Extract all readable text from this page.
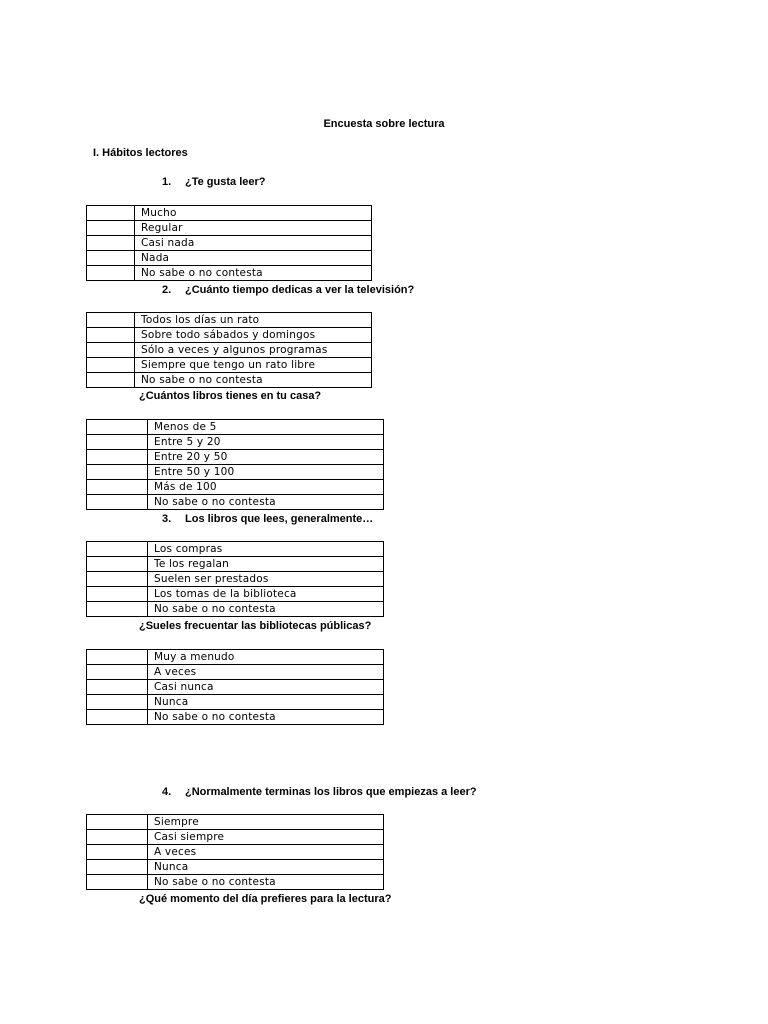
Encuesta sobre lectura
I. Hábitos lectores
1. ¿Te gusta leer?
	Mucho
	Regular
	Casi nada
	Nada
	No sabe o no contesta
2. ¿Cuánto tiempo dedicas a ver la televisión?
	Todos los días un rato
	Sobre todo sábados y domingos
	Sólo a veces y algunos programas
	Siempre que tengo un rato libre
	No sabe o no contesta
¿Cuántos libros tienes en tu casa?
	Menos de 5
	Entre 5 y 20
	Entre 20 y 50
	Entre 50 y 100
	Más de 100
	No sabe o no contesta
3. Los libros que lees, generalmente…
	Los compras
	Te los regalan
	Suelen ser prestados
	Los tomas de la biblioteca
	No sabe o no contesta
¿Sueles frecuentar las bibliotecas públicas?
	Muy a menudo
	A veces
	Casi nunca
	Nunca
	No sabe o no contesta
4. ¿Normalmente terminas los libros que empiezas a leer?
	Siempre
	Casi siempre
	A veces
	Nunca
	No sabe o no contesta
¿Qué momento del día prefieres para la lectura?
